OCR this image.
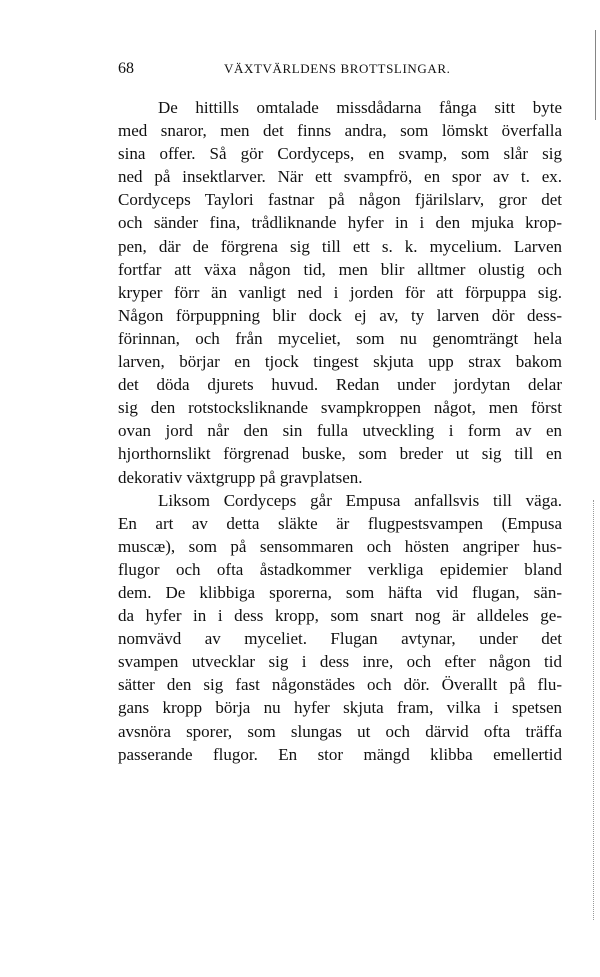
68	VÄXTVÄRLDENS BROTTSLINGAR.
De hittills omtalade missdådarna fånga sitt byte
med snaror, men det finns andra, som lömskt överfalla
sina offer. Så gör Cordyceps, en svamp, som slår sig
ned på insektlarver. När ett svampfrö, en spor av t. ex.
Cordyceps Taylori fastnar på någon fjärilslarv, gror det
och sänder fina, trådliknande hyfer in i den mjuka krop-
pen, där de förgrena sig till ett s. k. mycelium. Larven
fortfar att växa någon tid, men blir alltmer olustig och
kryper förr än vanligt ned i jorden för att förpuppa sig.
Någon förpuppning blir dock ej av, ty larven dör dess-
förinnan, och från myceliet, som nu genomträngt hela
larven, börjar en tjock tingest skjuta upp strax bakom
det döda djurets huvud. Redan under jordytan delar
sig den rotstocksliknande svampkroppen något, men först
ovan jord når den sin fulla utveckling i form av en
hjorthornslikt förgrenad buske, som breder ut sig till en
dekorativ växtgrupp på gravplatsen.
Liksom Cordyceps går Empusa anfallsvis till väga.
En art av detta släkte är flugpestsvampen (Empusa
muscæ), som på sensommaren och hösten angriper hus-
flugor och ofta åstadkommer verkliga epidemier bland
dem. De klibbiga sporerna, som häfta vid flugan, sän-
da hyfer in i dess kropp, som snart nog är alldeles ge-
nomvävd av myceliet. Flugan avtynar, under det
svampen utvecklar sig i dess inre, och efter någon tid
sätter den sig fast någonstädes och dör. Överallt på flu-
gans kropp börja nu hyfer skjuta fram, vilka i spetsen
avsnöra sporer, som slungas ut och därvid ofta träffa
passerande flugor. En stor mängd klibba emellertid
